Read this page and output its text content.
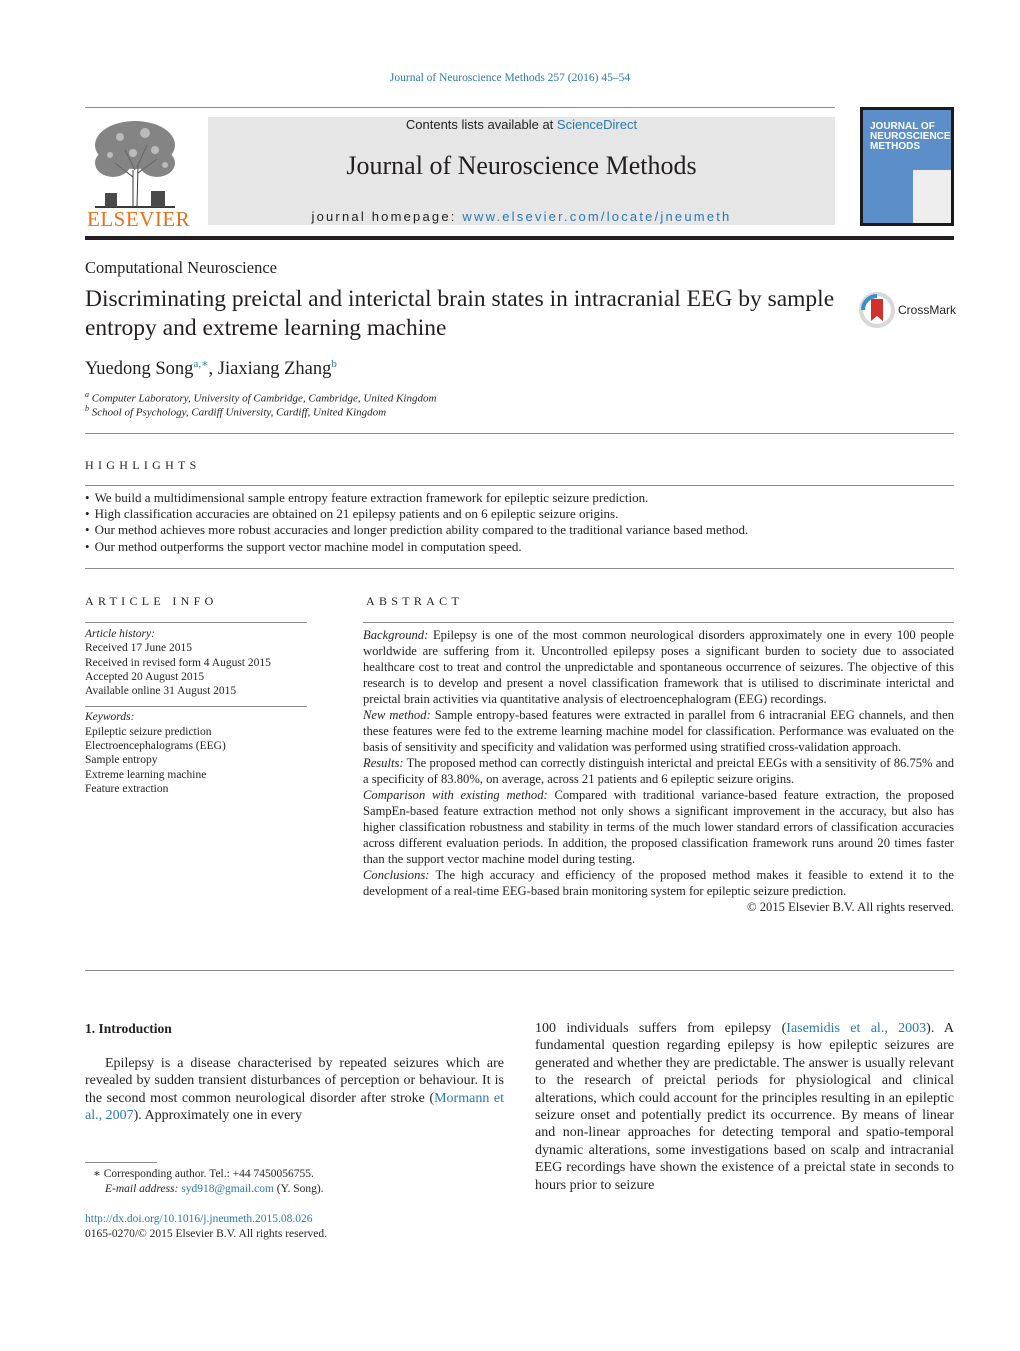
Journal of Neuroscience Methods 257 (2016) 45–54
ELSEVIER
Contents lists available at ScienceDirect
Journal of Neuroscience Methods
journal homepage: www.elsevier.com/locate/jneumeth
JOURNAL OF NEUROSCIENCE METHODS
Computational Neuroscience
Discriminating preictal and interictal brain states in intracranial EEG by sample entropy and extreme learning machine
CrossMark
Yuedong Song$^{a,∗}$, Jiaxiang Zhang$^b$
$^a$ Computer Laboratory, University of Cambridge, Cambridge, United Kingdom
$^b$ School of Psychology, Cardiff University, Cardiff, United Kingdom
HIGHLIGHTS
• We build a multidimensional sample entropy feature extraction framework for epileptic seizure prediction.
• High classification accuracies are obtained on 21 epilepsy patients and on 6 epileptic seizure origins.
• Our method achieves more robust accuracies and longer prediction ability compared to the traditional variance based method.
• Our method outperforms the support vector machine model in computation speed.
ARTICLE INFO
Article history:
Received 17 June 2015
Received in revised form 4 August 2015
Accepted 20 August 2015
Available online 31 August 2015
Keywords:
Epileptic seizure prediction
Electroencephalograms (EEG)
Sample entropy
Extreme learning machine
Feature extraction
ABSTRACT

Background: Epilepsy is one of the most common neurological disorders approximately one in every 100 people worldwide are suffering from it. Uncontrolled epilepsy poses a significant burden to society due to associated healthcare cost to treat and control the unpredictable and spontaneous occurrence of seizures. The objective of this research is to develop and present a novel classification framework that is utilised to discriminate interictal and preictal brain activities via quantitative analysis of electroencephalogram (EEG) recordings.

New method: Sample entropy-based features were extracted in parallel from 6 intracranial EEG channels, and then these features were fed to the extreme learning machine model for classification. Performance was evaluated on the basis of sensitivity and specificity and validation was performed using stratified cross-validation approach.

Results: The proposed method can correctly distinguish interictal and preictal EEGs with a sensitivity of 86.75% and a specificity of 83.80%, on average, across 21 patients and 6 epileptic seizure origins.

Comparison with existing method: Compared with traditional variance-based feature extraction, the proposed SampEn-based feature extraction method not only shows a significant improvement in the accuracy, but also has higher classification robustness and stability in terms of the much lower standard errors of classification accuracies across different evaluation periods. In addition, the proposed classification framework runs around 20 times faster than the support vector machine model during testing.

Conclusions: The high accuracy and efficiency of the proposed method makes it feasible to extend it to the development of a real-time EEG-based brain monitoring system for epileptic seizure prediction.

© 2015 Elsevier B.V. All rights reserved.

1. Introduction

Epilepsy is a disease characterised by repeated seizures which are revealed by sudden transient disturbances of perception or behaviour. It is the second most common neurological disorder after stroke (Mormann et al., 2007). Approximately one in every

100 individuals suffers from epilepsy (Iasemidis et al., 2003). A fundamental question regarding epilepsy is how epileptic seizures are generated and whether they are predictable. The answer is usually relevant to the research of preictal periods for physiological and clinical alterations, which could account for the principles resulting in an epileptic seizure onset and potentially predict its occurrence. By means of linear and non-linear approaches for detecting temporal and spatio-temporal dynamic alterations, some investigations based on scalp and intracranial EEG recordings have shown the existence of a preictal state in seconds to hours prior to seizure

∗ Corresponding author. Tel.: +44 7450056755.
E-mail address: syd918@gmail.com (Y. Song).
http://dx.doi.org/10.1016/j.jneumeth.2015.08.026
0165-0270/© 2015 Elsevier B.V. All rights reserved.
